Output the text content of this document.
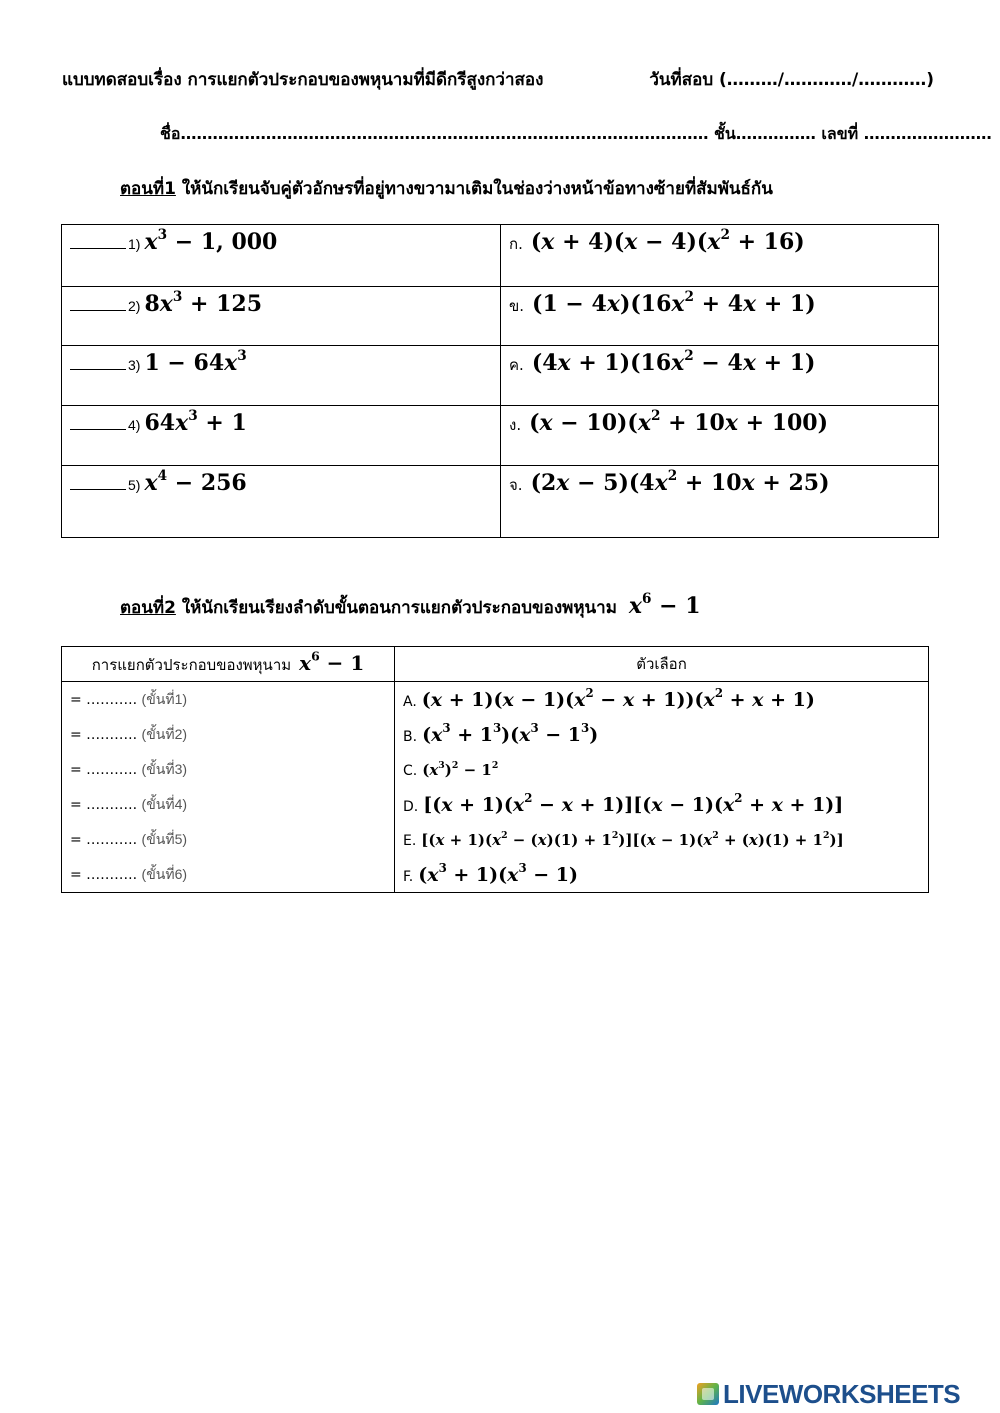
แบบทดสอบเรื่อง การแยกตัวประกอบของพหุนามที่มีดีกรีสูงกว่าสอง	วันที่สอบ (………/…………/…………)
ชื่อ……………………………………………………………………………………… ชั้น…………… เลขที่ ……………………
ตอนที่1 ให้นักเรียนจับคู่ตัวอักษรที่อยู่ทางขวามาเติมในช่องว่างหน้าข้อทางซ้ายที่สัมพันธ์กัน
1) $x^3 - 1$, 000	ก. $(x + 4)(x - 4)(x^2 + 16)$
2) $8x^3 + 125$	ข. $(1 - 4x)(16x^2 + 4x + 1)$
3) $1 - 64x^3$	ค. $(4x + 1)(16x^2 - 4x + 1)$
4) $64x^3 + 1$	ง. $(x - 10)(x^2 + 10x + 100)$
5) $x^4 - 256$	จ. $(2x - 5)(4x^2 + 10x + 25)$
ตอนที่2 ให้นักเรียนเรียงลำดับขั้นตอนการแยกตัวประกอบของพหุนาม $x^6 - 1$
การแยกตัวประกอบของพหุนาม $x^6 - 1$	ตัวเลือก
= ……….. (ขั้นที่1)	A. $(x + 1)(x - 1)(x^2 - x + 1))(x^2 + x + 1)$
= ……….. (ขั้นที่2)	B. $(x^3 + 1^3)(x^3 - 1^3)$
= ……….. (ขั้นที่3)	C. $(x^3)^2 - 1^2$
= ……….. (ขั้นที่4)	D. $[(x + 1)(x^2 - x + 1)][(x - 1)(x^2 + x + 1)]$
= ……….. (ขั้นที่5)	E. $[(x + 1)(x^2 - (x)(1) + 1^2)][(x - 1)(x^2 + (x)(1) + 1^2)]$
= ……….. (ขั้นที่6)	F. $(x^3 + 1)(x^3 - 1)$
LIVEWORKSHEETS
